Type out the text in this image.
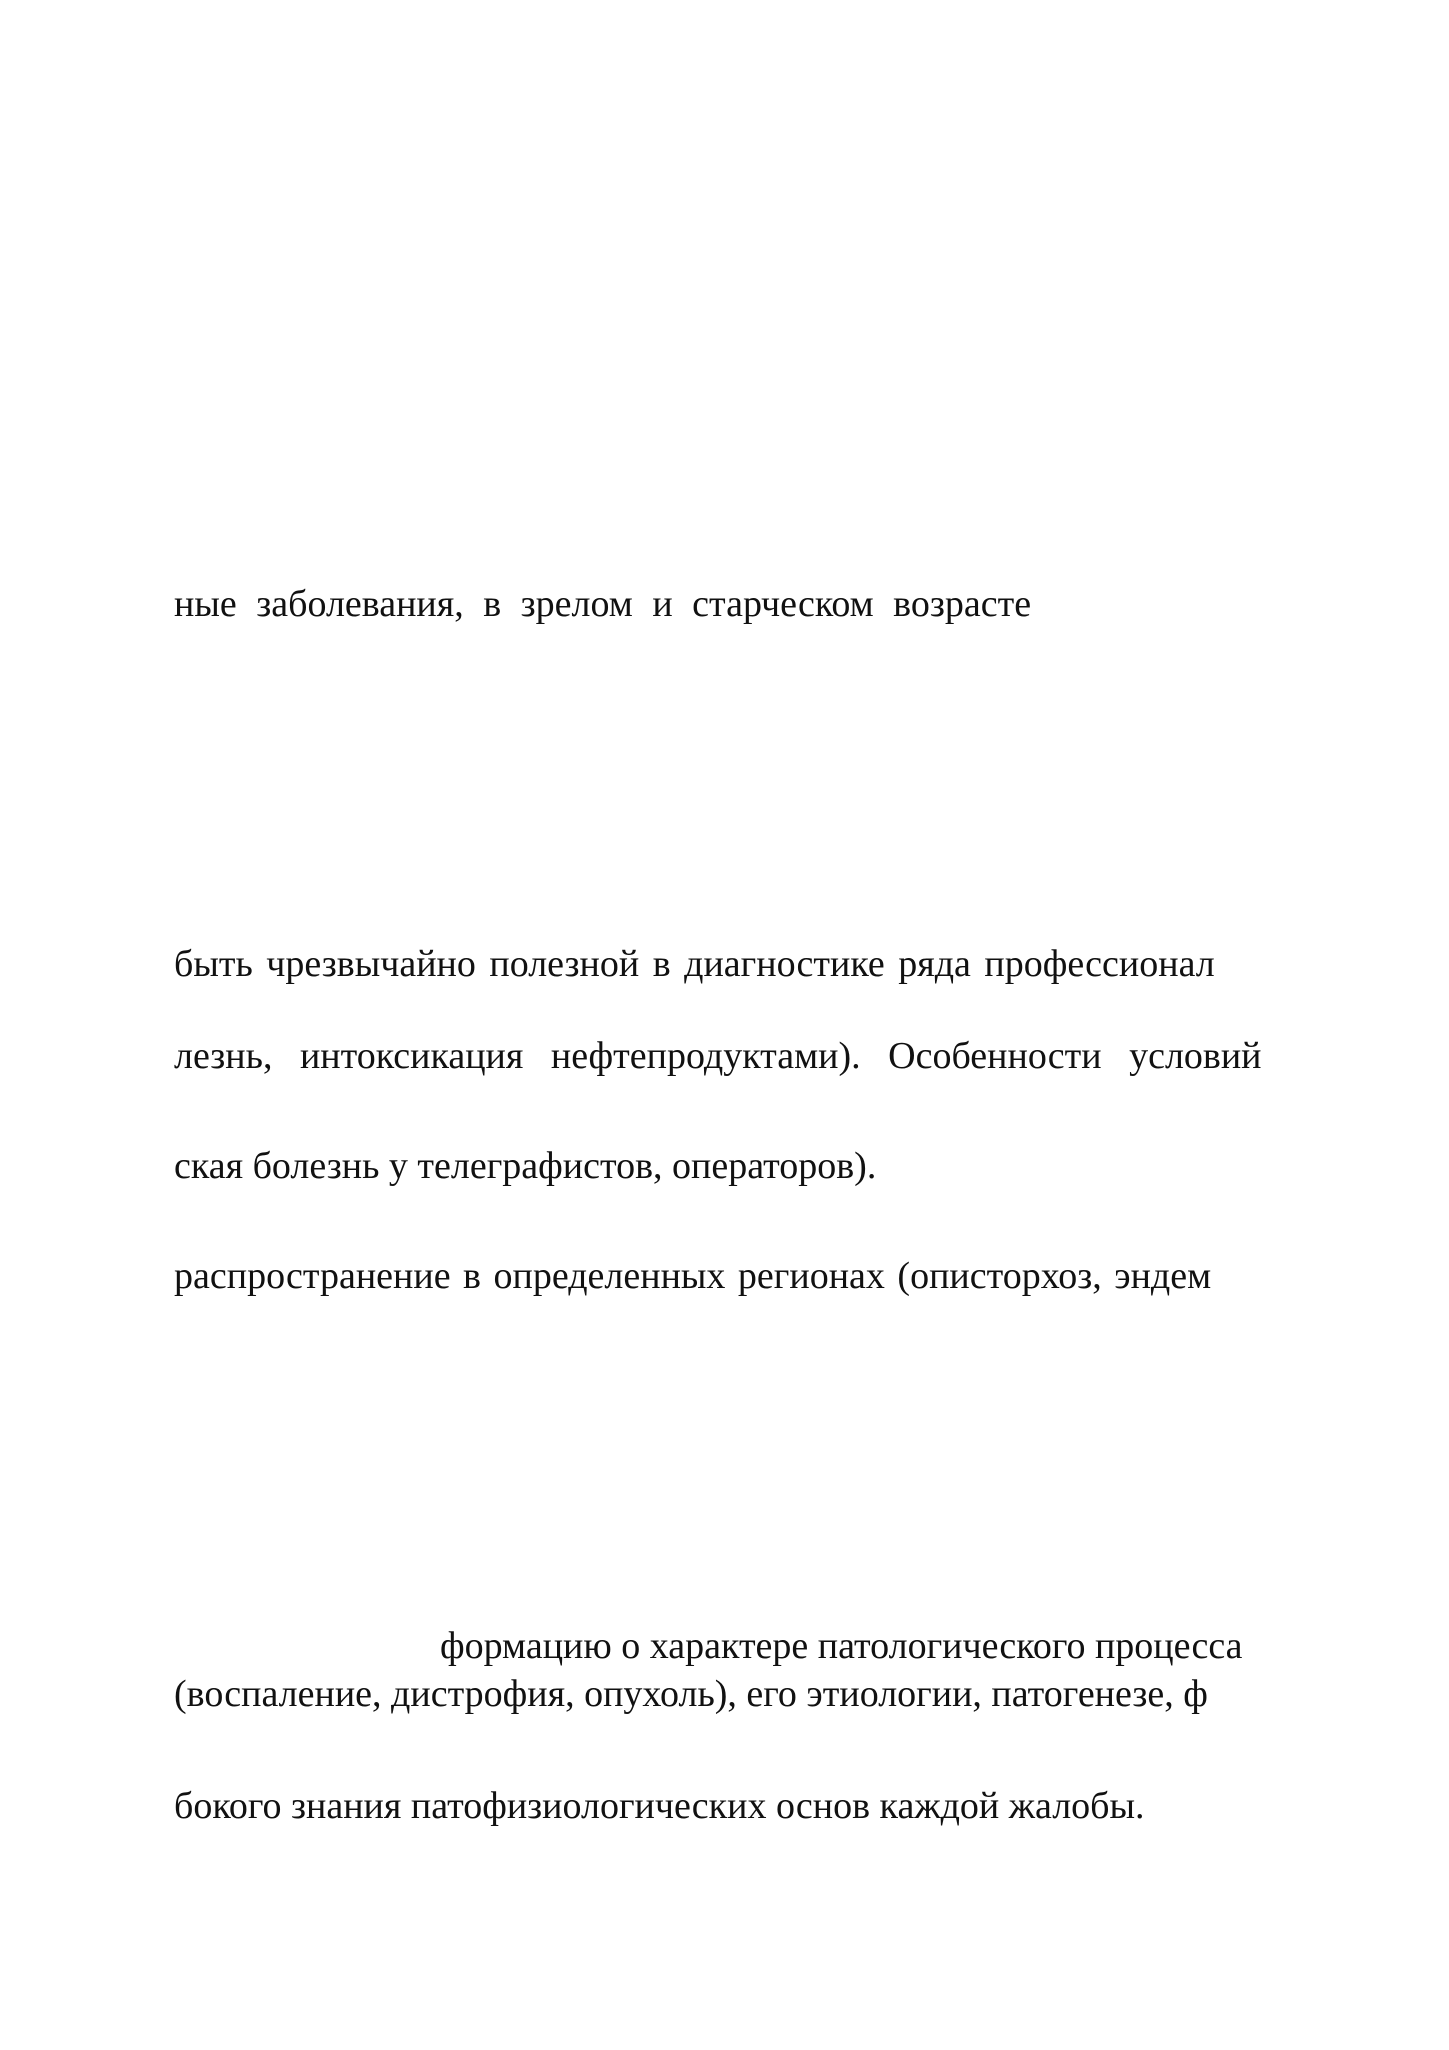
ные заболевания, в зрелом и старческом возрасте

быть чрезвычайно полезной в диагностике ряда профессионал

лезнь, интоксикация нефтепродуктами). Особенности условий

ская болезнь у телеграфистов, операторов).

распространение в определенных регионах (описторхоз, эндем

формацию о характере патологического процесса

(воспаление, дистрофия, опухоль), его этиологии, патогенезе, ф

бокого знания патофизиологических основ каждой жалобы.
